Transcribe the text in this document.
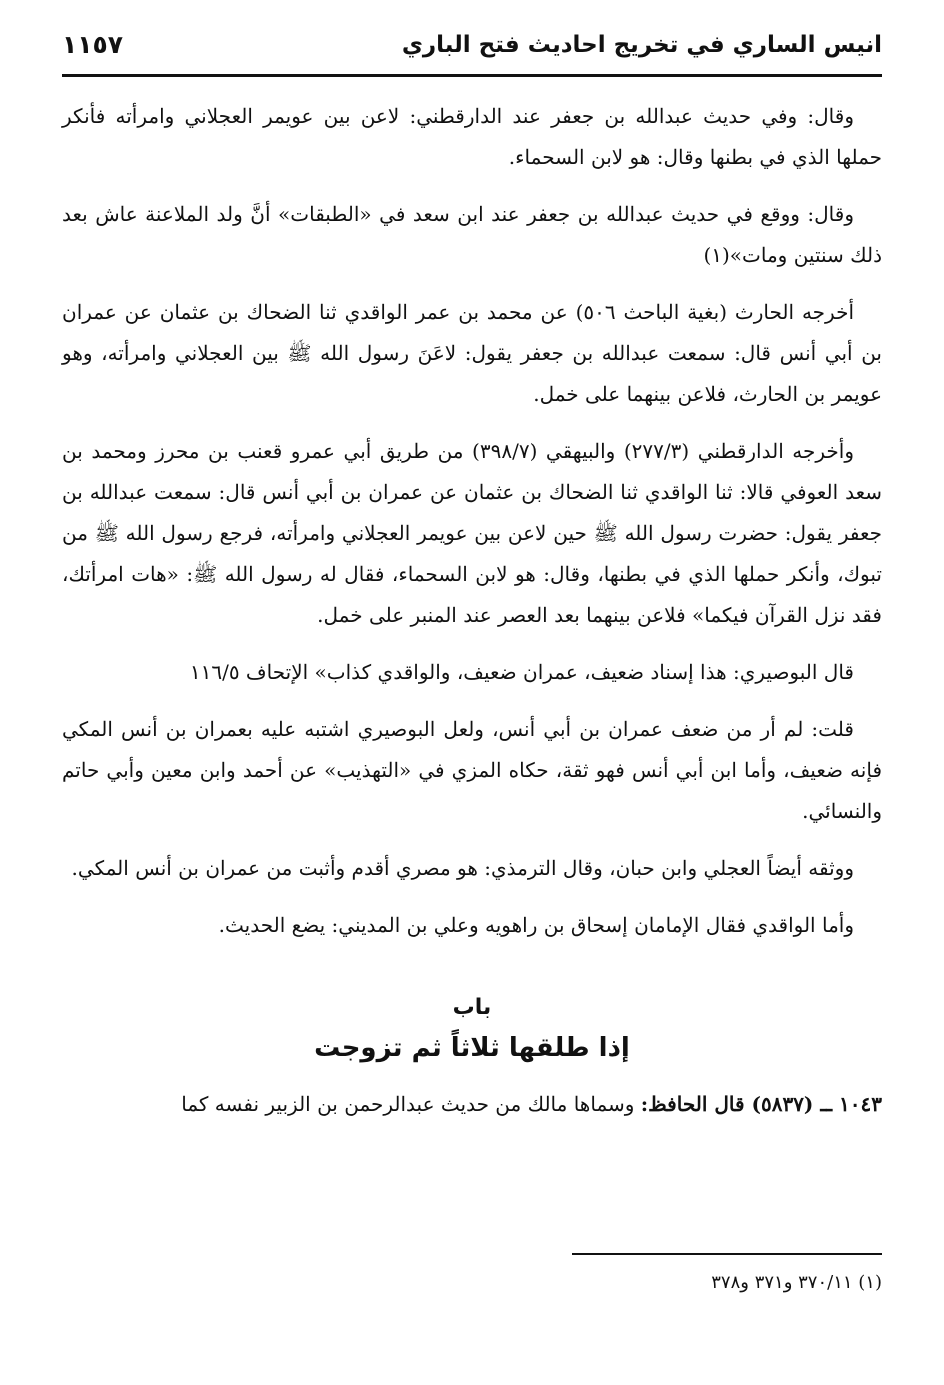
انيس الساري في تخريج احاديث فتح الباري
١١٥٧

وقال: وفي حديث عبدالله بن جعفر عند الدارقطني: لاعن بين عويمر العجلاني وامرأته فأنكر حملها الذي في بطنها وقال: هو لابن السحماء.

وقال: ووقع في حديث عبدالله بن جعفر عند ابن سعد في «الطبقات» أنَّ ولد الملاعنة عاش بعد ذلك سنتين ومات»(١)

أخرجه الحارث (بغية الباحث ٥٠٦) عن محمد بن عمر الواقدي ثنا الضحاك بن عثمان عن عمران بن أبي أنس قال: سمعت عبدالله بن جعفر يقول: لاعَنَ رسول الله ﷺ بين العجلاني وامرأته، وهو عويمر بن الحارث، فلاعن بينهما على خمل.

وأخرجه الدارقطني (٢٧٧/٣) والبيهقي (٣٩٨/٧) من طريق أبي عمرو قعنب بن محرز ومحمد بن سعد العوفي قالا: ثنا الواقدي ثنا الضحاك بن عثمان عن عمران بن أبي أنس قال: سمعت عبدالله بن جعفر يقول: حضرت رسول الله ﷺ حين لاعن بين عويمر العجلاني وامرأته، فرجع رسول الله ﷺ من تبوك، وأنكر حملها الذي في بطنها، وقال: هو لابن السحماء، فقال له رسول الله ﷺ: «هات امرأتك، فقد نزل القرآن فيكما» فلاعن بينهما بعد العصر عند المنبر على خمل.

قال البوصيري: هذا إسناد ضعيف، عمران ضعيف، والواقدي كذاب» الإتحاف ١١٦/٥

قلت: لم أر من ضعف عمران بن أبي أنس، ولعل البوصيري اشتبه عليه بعمران بن أنس المكي فإنه ضعيف، وأما ابن أبي أنس فهو ثقة، حكاه المزي في «التهذيب» عن أحمد وابن معين وأبي حاتم والنسائي.

ووثقه أيضاً العجلي وابن حبان، وقال الترمذي: هو مصري أقدم وأثبت من عمران بن أنس المكي.

وأما الواقدي فقال الإمامان إسحاق بن راهويه وعلي بن المديني: يضع الحديث.

باب
إذا طلقها ثلاثاً ثم تزوجت

١٠٤٣ ــ (٥٨٣٧) قال الحافظ: وسماها مالك من حديث عبدالرحمن بن الزبير نفسه كما

(١) ٣٧٠/١١ و٣٧١ و٣٧٨
